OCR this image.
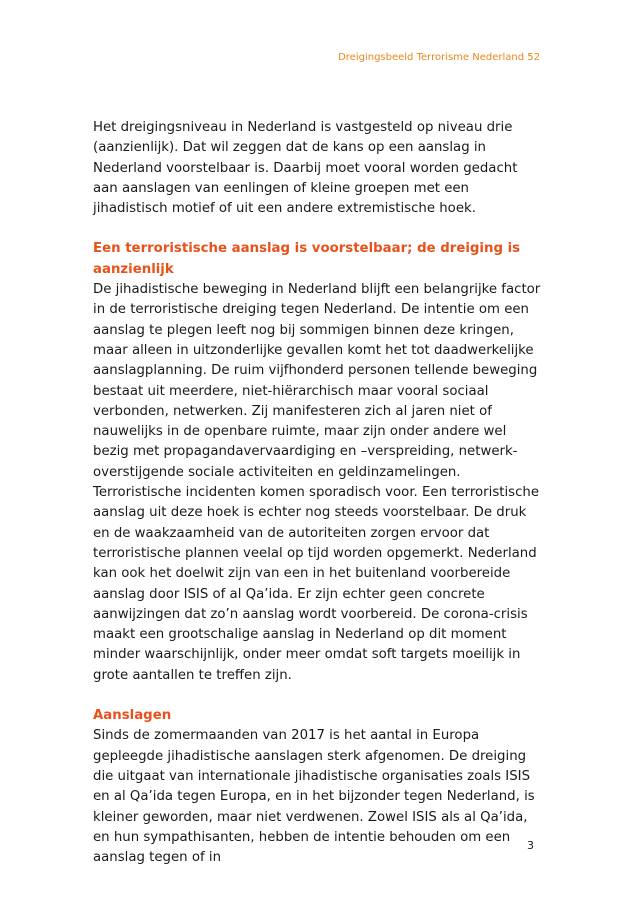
Dreigingsbeeld Terrorisme Nederland 52

Het dreigingsniveau in Nederland is vastgesteld op niveau drie (aanzienlijk). Dat wil zeggen dat de kans op een aanslag in Nederland voorstelbaar is. Daarbij moet vooral worden gedacht aan aanslagen van eenlingen of kleine groepen met een jihadistisch motief of uit een andere extremistische hoek.

Een terroristische aanslag is voorstelbaar; de dreiging is aanzienlijk

De jihadistische beweging in Nederland blijft een belangrijke factor in de terroristische dreiging tegen Nederland. De intentie om een aanslag te plegen leeft nog bij sommigen binnen deze kringen, maar alleen in uitzonderlijke gevallen komt het tot daadwerkelijke aanslagplanning. De ruim vijfhonderd personen tellende beweging bestaat uit meerdere, niet-hiërarchisch maar vooral sociaal verbonden, netwerken. Zij manifesteren zich al jaren niet of nauwelijks in de openbare ruimte, maar zijn onder andere wel bezig met propagandavervaardiging en –verspreiding, netwerk-overstijgende sociale activiteiten en geldinzamelingen. Terroristische incidenten komen sporadisch voor. Een terroristische aanslag uit deze hoek is echter nog steeds voorstelbaar. De druk en de waakzaamheid van de autoriteiten zorgen ervoor dat terroristische plannen veelal op tijd worden opgemerkt. Nederland kan ook het doelwit zijn van een in het buitenland voorbereide aanslag door ISIS of al Qa’ida. Er zijn echter geen concrete aanwijzingen dat zo’n aanslag wordt voorbereid. De corona-crisis maakt een grootschalige aanslag in Nederland op dit moment minder waarschijnlijk, onder meer omdat soft targets moeilijk in grote aantallen te treffen zijn.

Aanslagen

Sinds de zomermaanden van 2017 is het aantal in Europa gepleegde jihadistische aanslagen sterk afgenomen. De dreiging die uitgaat van internationale jihadistische organisaties zoals ISIS en al Qa’ida tegen Europa, en in het bijzonder tegen Nederland, is kleiner geworden, maar niet verdwenen. Zowel ISIS als al Qa’ida, en hun sympathisanten, hebben de intentie behouden om een aanslag tegen of in

3
